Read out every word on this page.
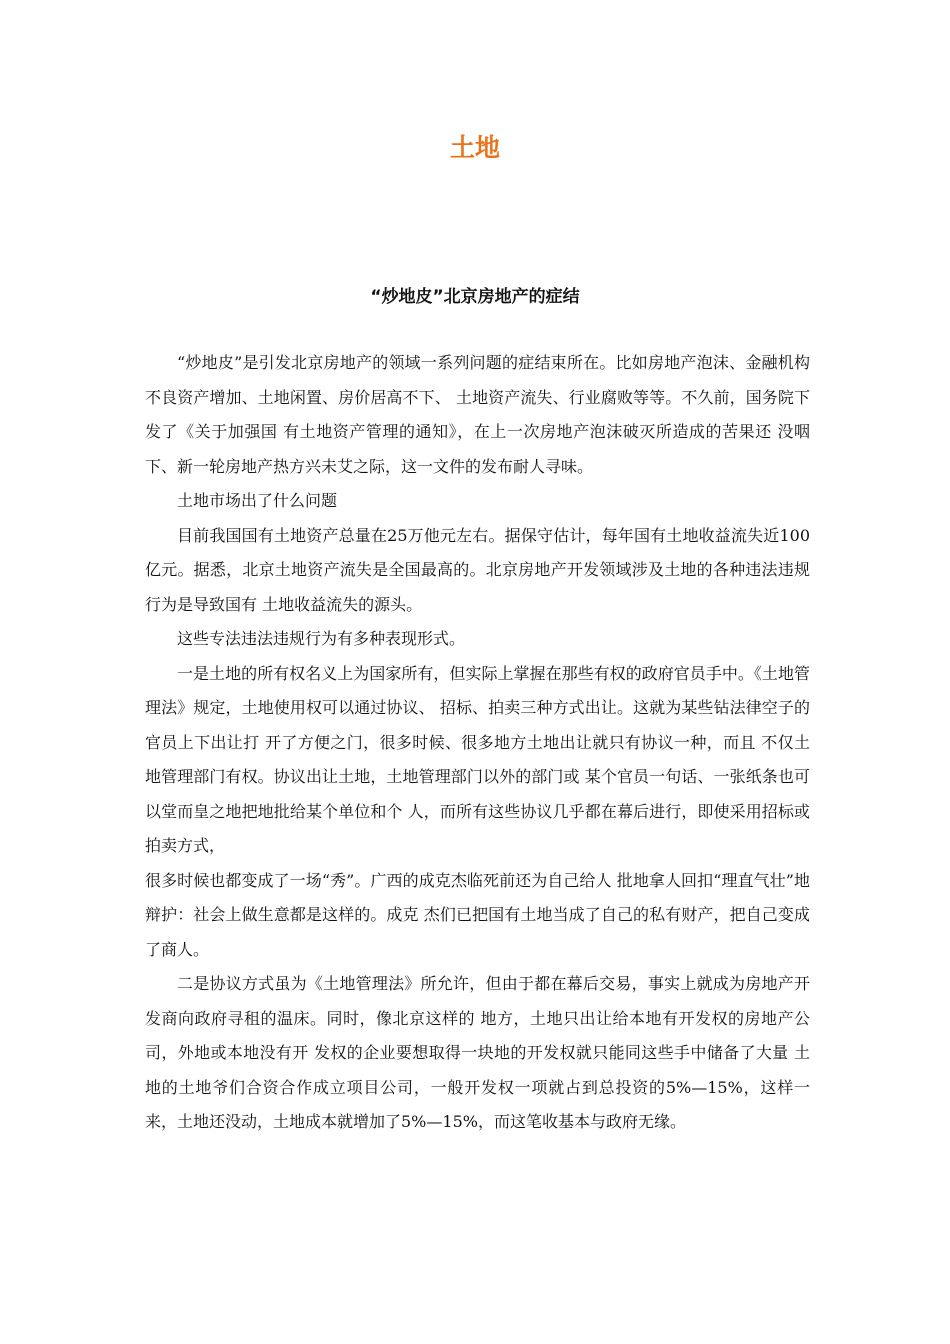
土地
“炒地皮”北京房地产的症结

“炒地皮”是引发北京房地产的领域一系列问题的症结束所在。比如房地产泡沫、金融机构不良资产增加、土地闲置、房价居高不下、 土地资产流失、行业腐败等等。不久前，国务院下发了《关于加强国 有土地资产管理的通知》，在上一次房地产泡沫破灭所造成的苦果还 没咽下、新一轮房地产热方兴未艾之际，这一文件的发布耐人寻味。

土地市场出了什么问题

目前我国国有土地资产总量在25万他元左右。据保守估计，每年国有土地收益流失近100亿元。据悉，北京土地资产流失是全国最高的。北京房地产开发领域涉及土地的各种违法违规行为是导致国有 土地收益流失的源头。

这些专法违法违规行为有多种表现形式。

一是土地的所有权名义上为国家所有，但实际上掌握在那些有权的政府官员手中。《土地管理法》规定，土地使用权可以通过协议、 招标、拍卖三种方式出让。这就为某些钻法律空子的官员上下出让打 开了方便之门，很多时候、很多地方土地出让就只有协议一种，而且 不仅土地管理部门有权。协议出让土地，土地管理部门以外的部门或 某个官员一句话、一张纸条也可以堂而皇之地把地批给某个单位和个 人，而所有这些协议几乎都在幕后进行，即使采用招标或拍卖方式，

很多时候也都变成了一场“秀”。广西的成克杰临死前还为自己给人 批地拿人回扣“理直气壮”地辩护：社会上做生意都是这样的。成克 杰们已把国有土地当成了自己的私有财产，把自己变成了商人。

二是协议方式虽为《土地管理法》所允许，但由于都在幕后交易，事实上就成为房地产开发商向政府寻租的温床。同时，像北京这样的 地方，土地只出让给本地有开发权的房地产公司，外地或本地没有开 发权的企业要想取得一块地的开发权就只能同这些手中储备了大量 土地的土地爷们合资合作成立项目公司，一般开发权一项就占到总投资的5%—15%，这样一来，土地还没动，土地成本就增加了5%—15%，而这笔收基本与政府无缘。
